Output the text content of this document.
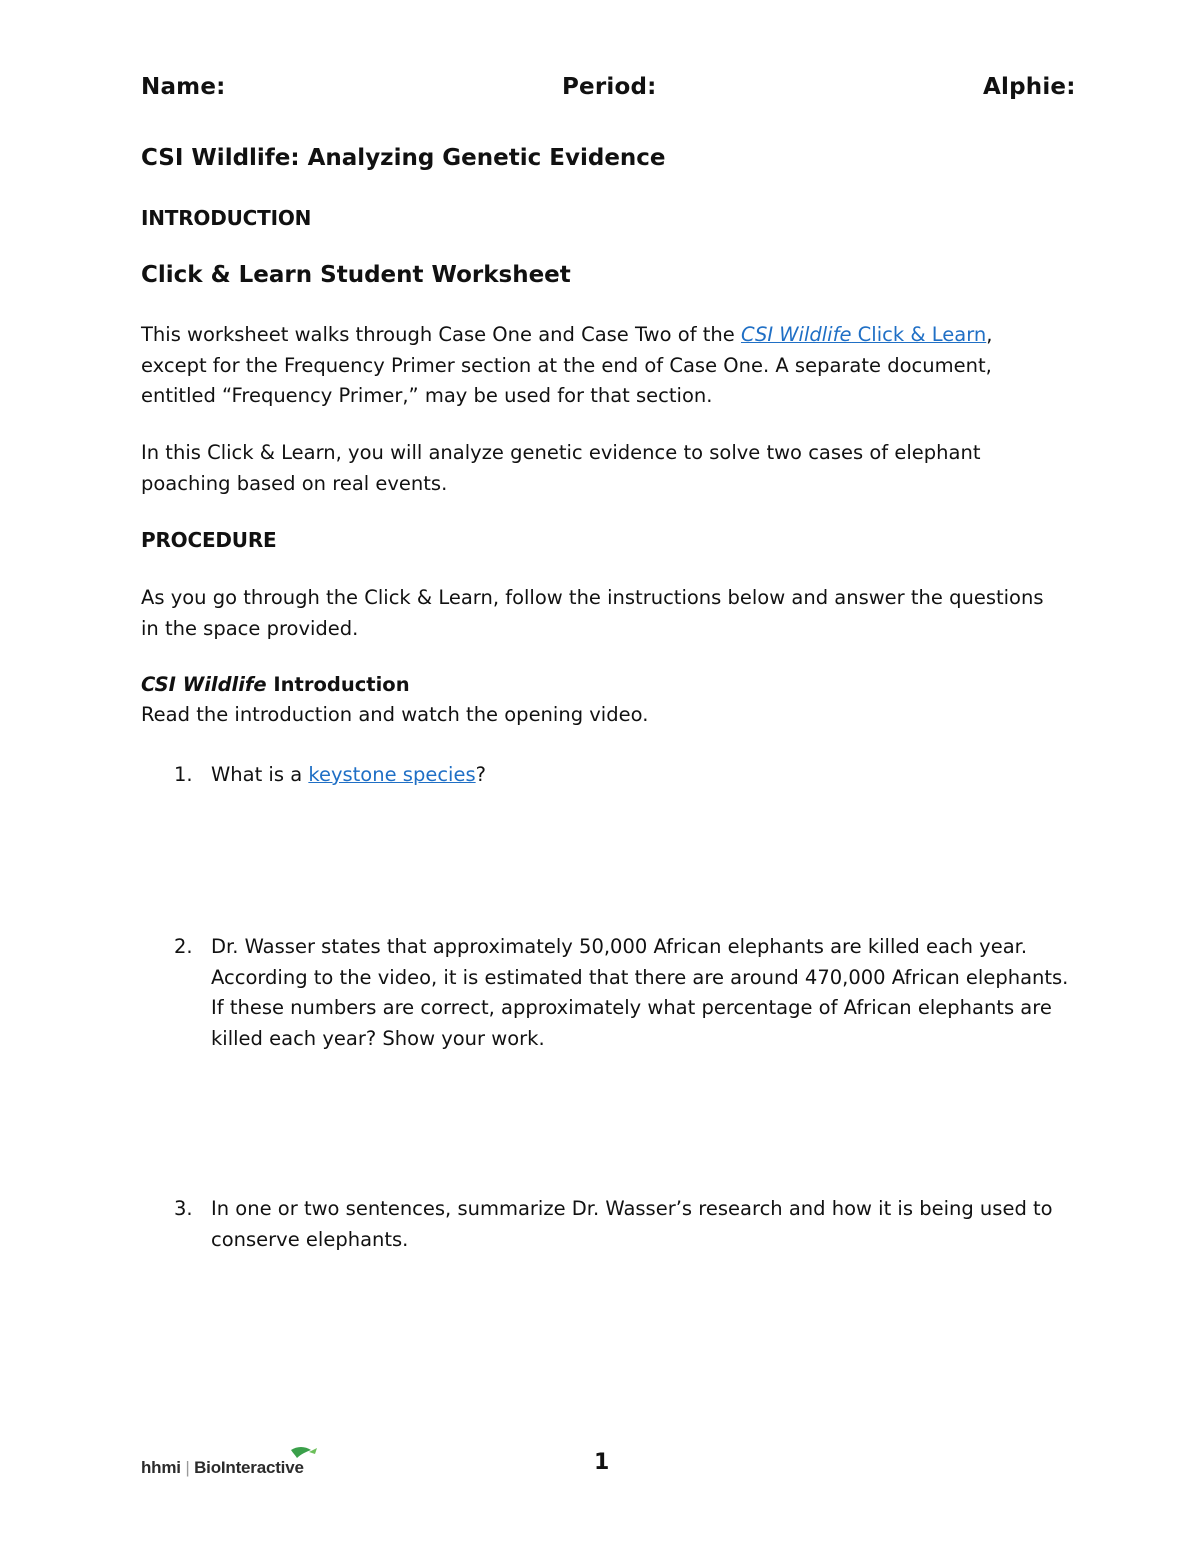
Name:	Period:	Alphie:
CSI Wildlife: Analyzing Genetic Evidence
INTRODUCTION
Click & Learn Student Worksheet

This worksheet walks through Case One and Case Two of the CSI Wildlife Click & Learn, except for the Frequency Primer section at the end of Case One. A separate document, entitled “Frequency Primer,” may be used for that section.

In this Click & Learn, you will analyze genetic evidence to solve two cases of elephant poaching based on real events.

PROCEDURE

As you go through the Click & Learn, follow the instructions below and answer the questions in the space provided.

CSI Wildlife Introduction
Read the introduction and watch the opening video.
1. What is a keystone species?

2. Dr. Wasser states that approximately 50,000 African elephants are killed each year. According to the video, it is estimated that there are around 470,000 African elephants. If these numbers are correct, approximately what percentage of African elephants are killed each year? Show your work.

3. In one or two sentences, summarize Dr. Wasser’s research and how it is being used to conserve elephants.

hhmi | BioInteractive	1
